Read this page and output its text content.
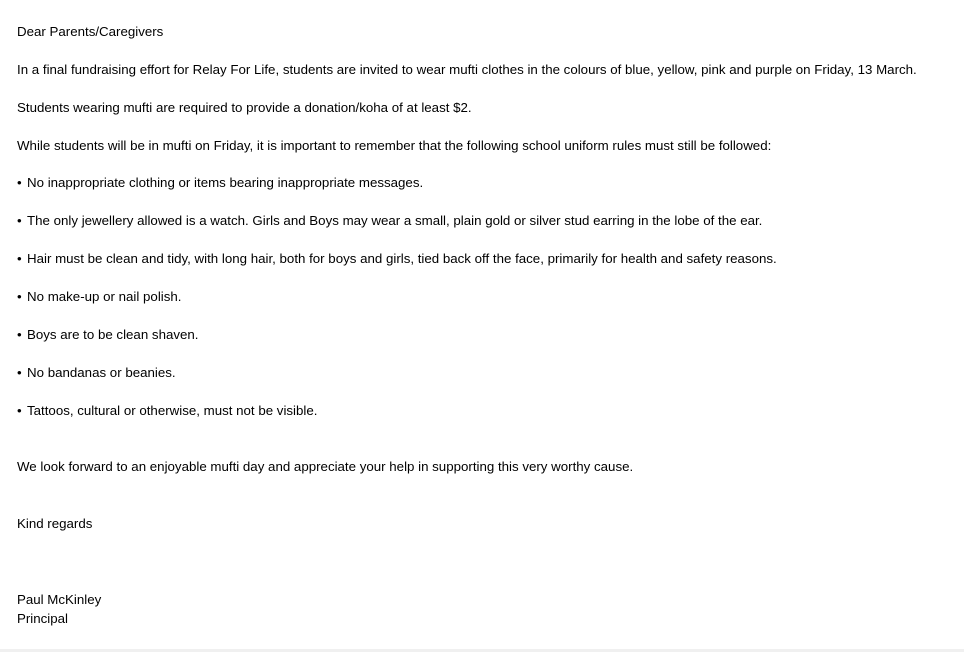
Dear Parents/Caregivers
In a final fundraising effort for Relay For Life, students are invited to wear mufti clothes in the colours of blue, yellow, pink and purple on Friday, 13 March.
Students wearing mufti are required to provide a donation/koha of at least $2.
While students will be in mufti on Friday, it is important to remember that the following school uniform rules must still be followed:
• No inappropriate clothing or items bearing inappropriate messages.
• The only jewellery allowed is a watch. Girls and Boys may wear a small, plain gold or silver stud earring in the lobe of the ear.
• Hair must be clean and tidy, with long hair, both for boys and girls, tied back off the face, primarily for health and safety reasons.
• No make-up or nail polish.
• Boys are to be clean shaven.
• No bandanas or beanies.
• Tattoos, cultural or otherwise, must not be visible.
We look forward to an enjoyable mufti day and appreciate your help in supporting this very worthy cause.
Kind regards
Paul McKinley
Principal
